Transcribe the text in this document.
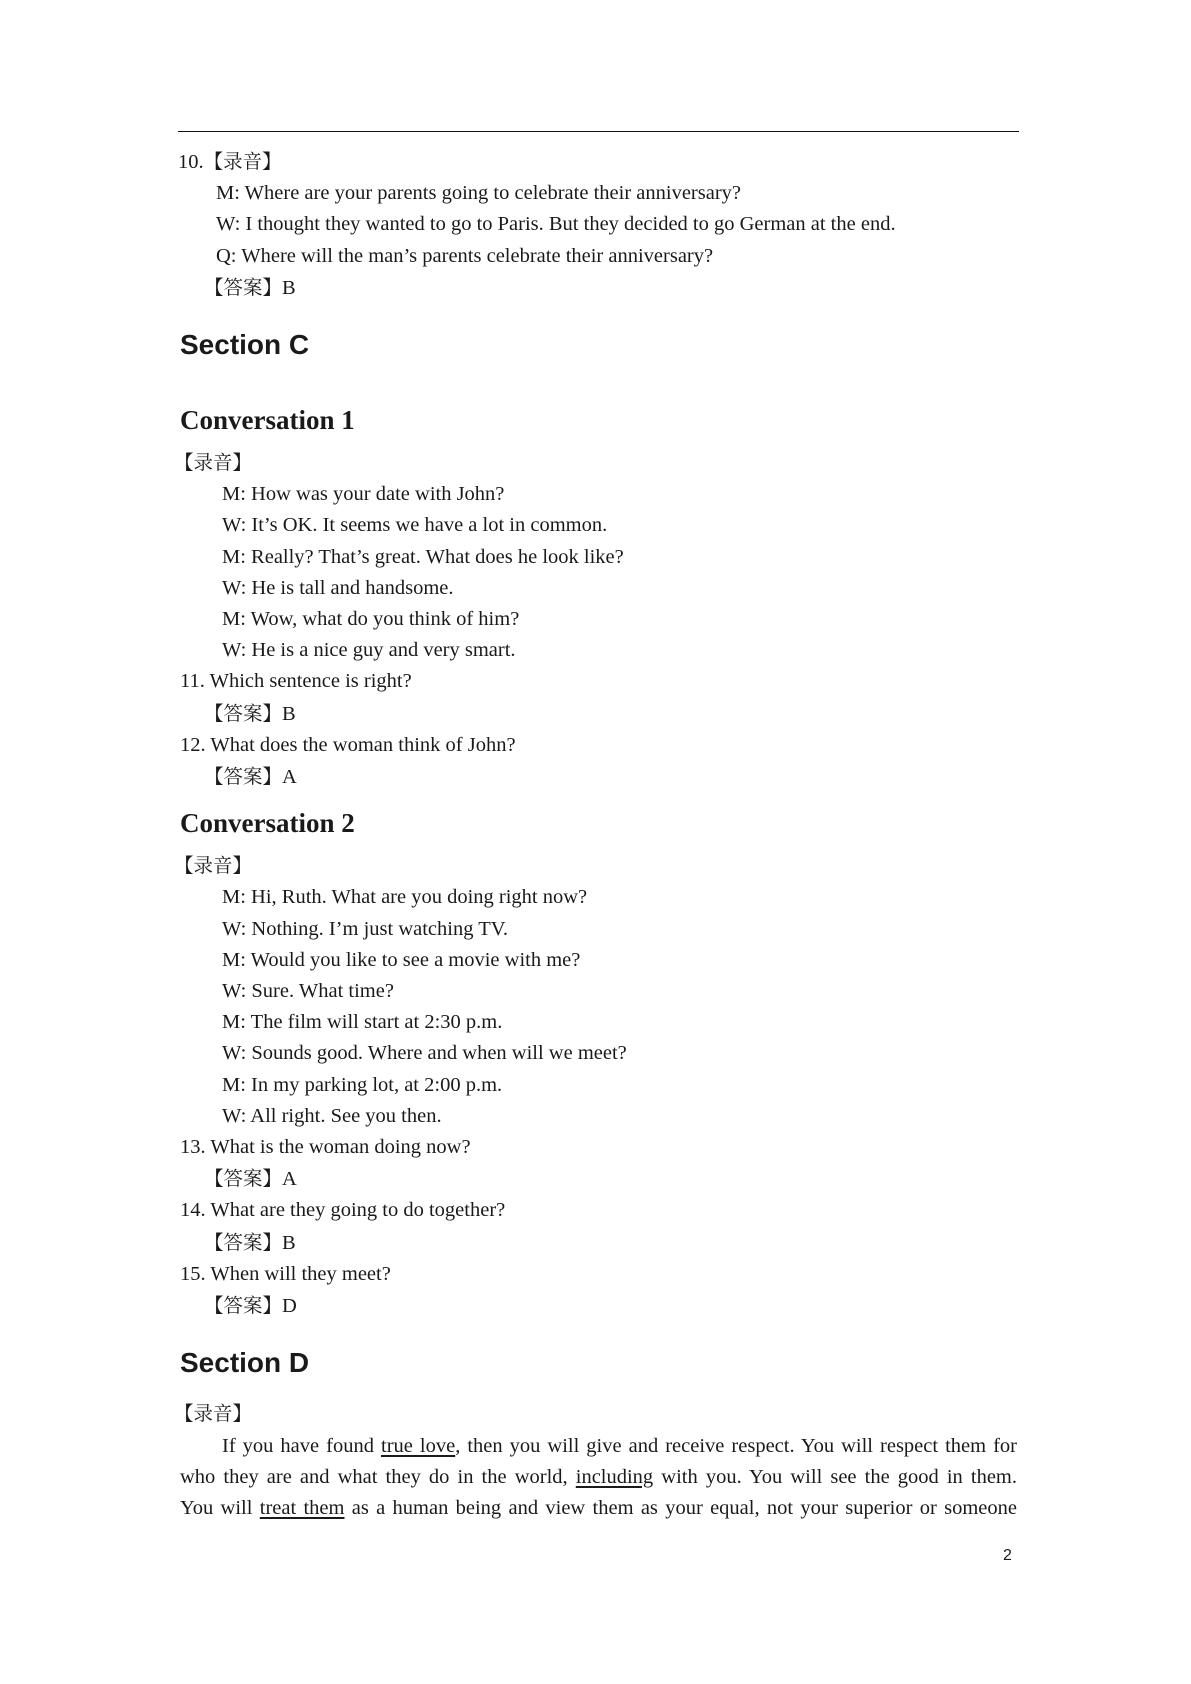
10.【录音】
M: Where are your parents going to celebrate their anniversary?
W: I thought they wanted to go to Paris. But they decided to go German at the end.
Q: Where will the man’s parents celebrate their anniversary?
【答案】B
Section C
Conversation 1
【录音】
M: How was your date with John?
W: It’s OK. It seems we have a lot in common.
M: Really? That’s great. What does he look like?
W: He is tall and handsome.
M: Wow, what do you think of him?
W: He is a nice guy and very smart.
11. Which sentence is right?
【答案】B
12. What does the woman think of John?
【答案】A
Conversation 2
【录音】
M: Hi, Ruth. What are you doing right now?
W: Nothing. I’m just watching TV.
M: Would you like to see a movie with me?
W: Sure. What time?
M: The film will start at 2:30 p.m.
W: Sounds good. Where and when will we meet?
M: In my parking lot, at 2:00 p.m.
W: All right. See you then.
13. What is the woman doing now?
【答案】A
14. What are they going to do together?
【答案】B
15. When will they meet?
【答案】D
Section D
【录音】
If you have found true love, then you will give and receive respect. You will respect them for
who they are and what they do in the world, including with you. You will see the good in them.
You will treat them as a human being and view them as your equal, not your superior or someone
2
